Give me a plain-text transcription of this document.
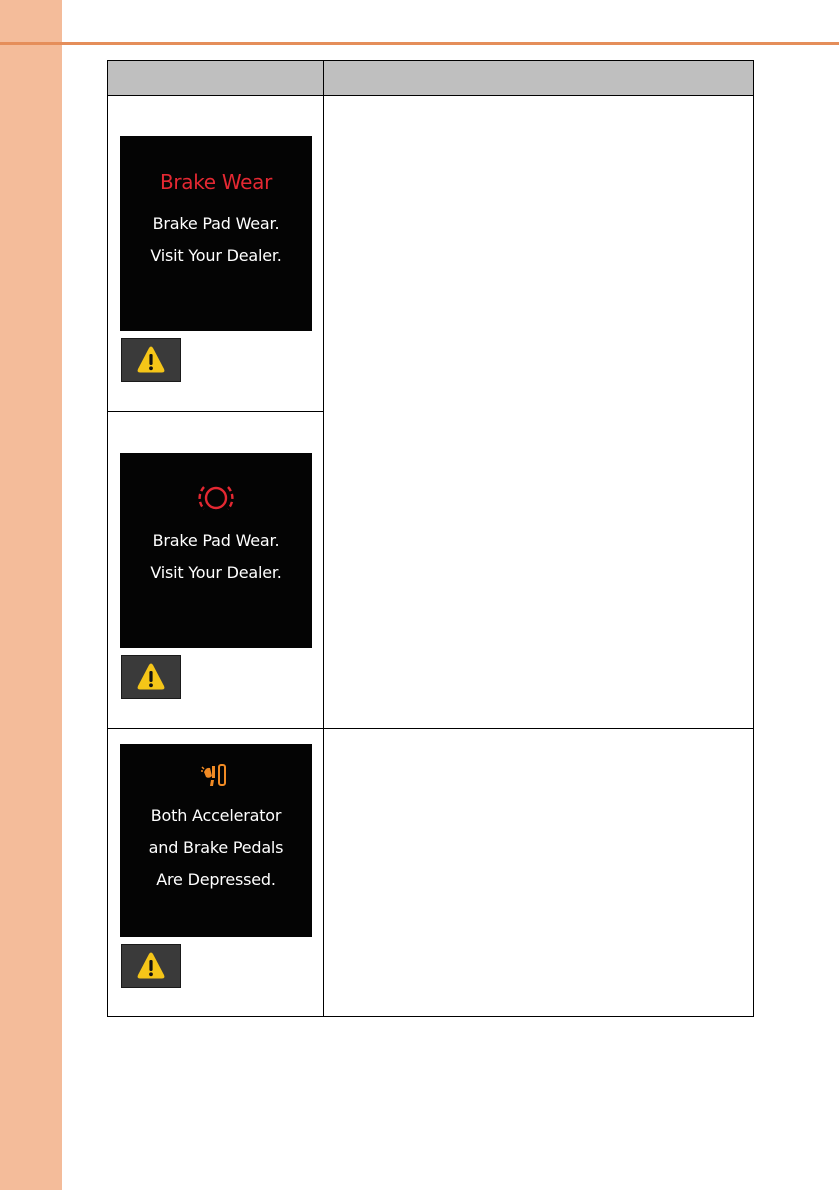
Brake Wear
Brake Pad Wear.
Visit Your Dealer.
Brake Pad Wear.
Visit Your Dealer.
Both Accelerator
and Brake Pedals
Are Depressed.
